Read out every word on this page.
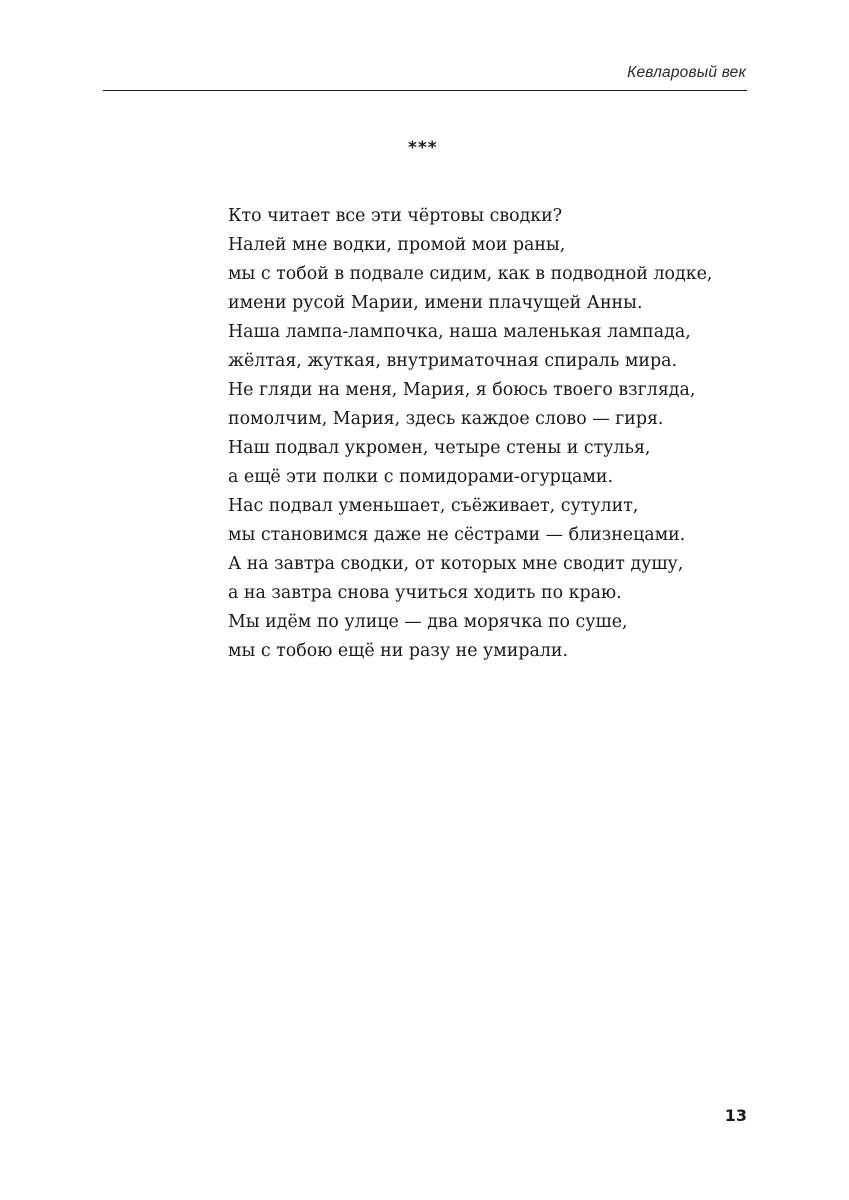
Кевларовый век
***
Кто читает все эти чёртовы сводки?
Налей мне водки, промой мои раны,
мы с тобой в подвале сидим, как в подводной лодке,
имени русой Марии, имени плачущей Анны.
Наша лампа-лампочка, наша маленькая лампада,
жёлтая, жуткая, внутриматочная спираль мира.
Не гляди на меня, Мария, я боюсь твоего взгляда,
помолчим, Мария, здесь каждое слово — гиря.
Наш подвал укромен, четыре стены и стулья,
а ещё эти полки с помидорами-огурцами.
Нас подвал уменьшает, съёживает, сутулит,
мы становимся даже не сёстрами — близнецами.
А на завтра сводки, от которых мне сводит душу,
а на завтра снова учиться ходить по краю.
Мы идём по улице — два морячка по суше,
мы с тобою ещё ни разу не умирали.
13
